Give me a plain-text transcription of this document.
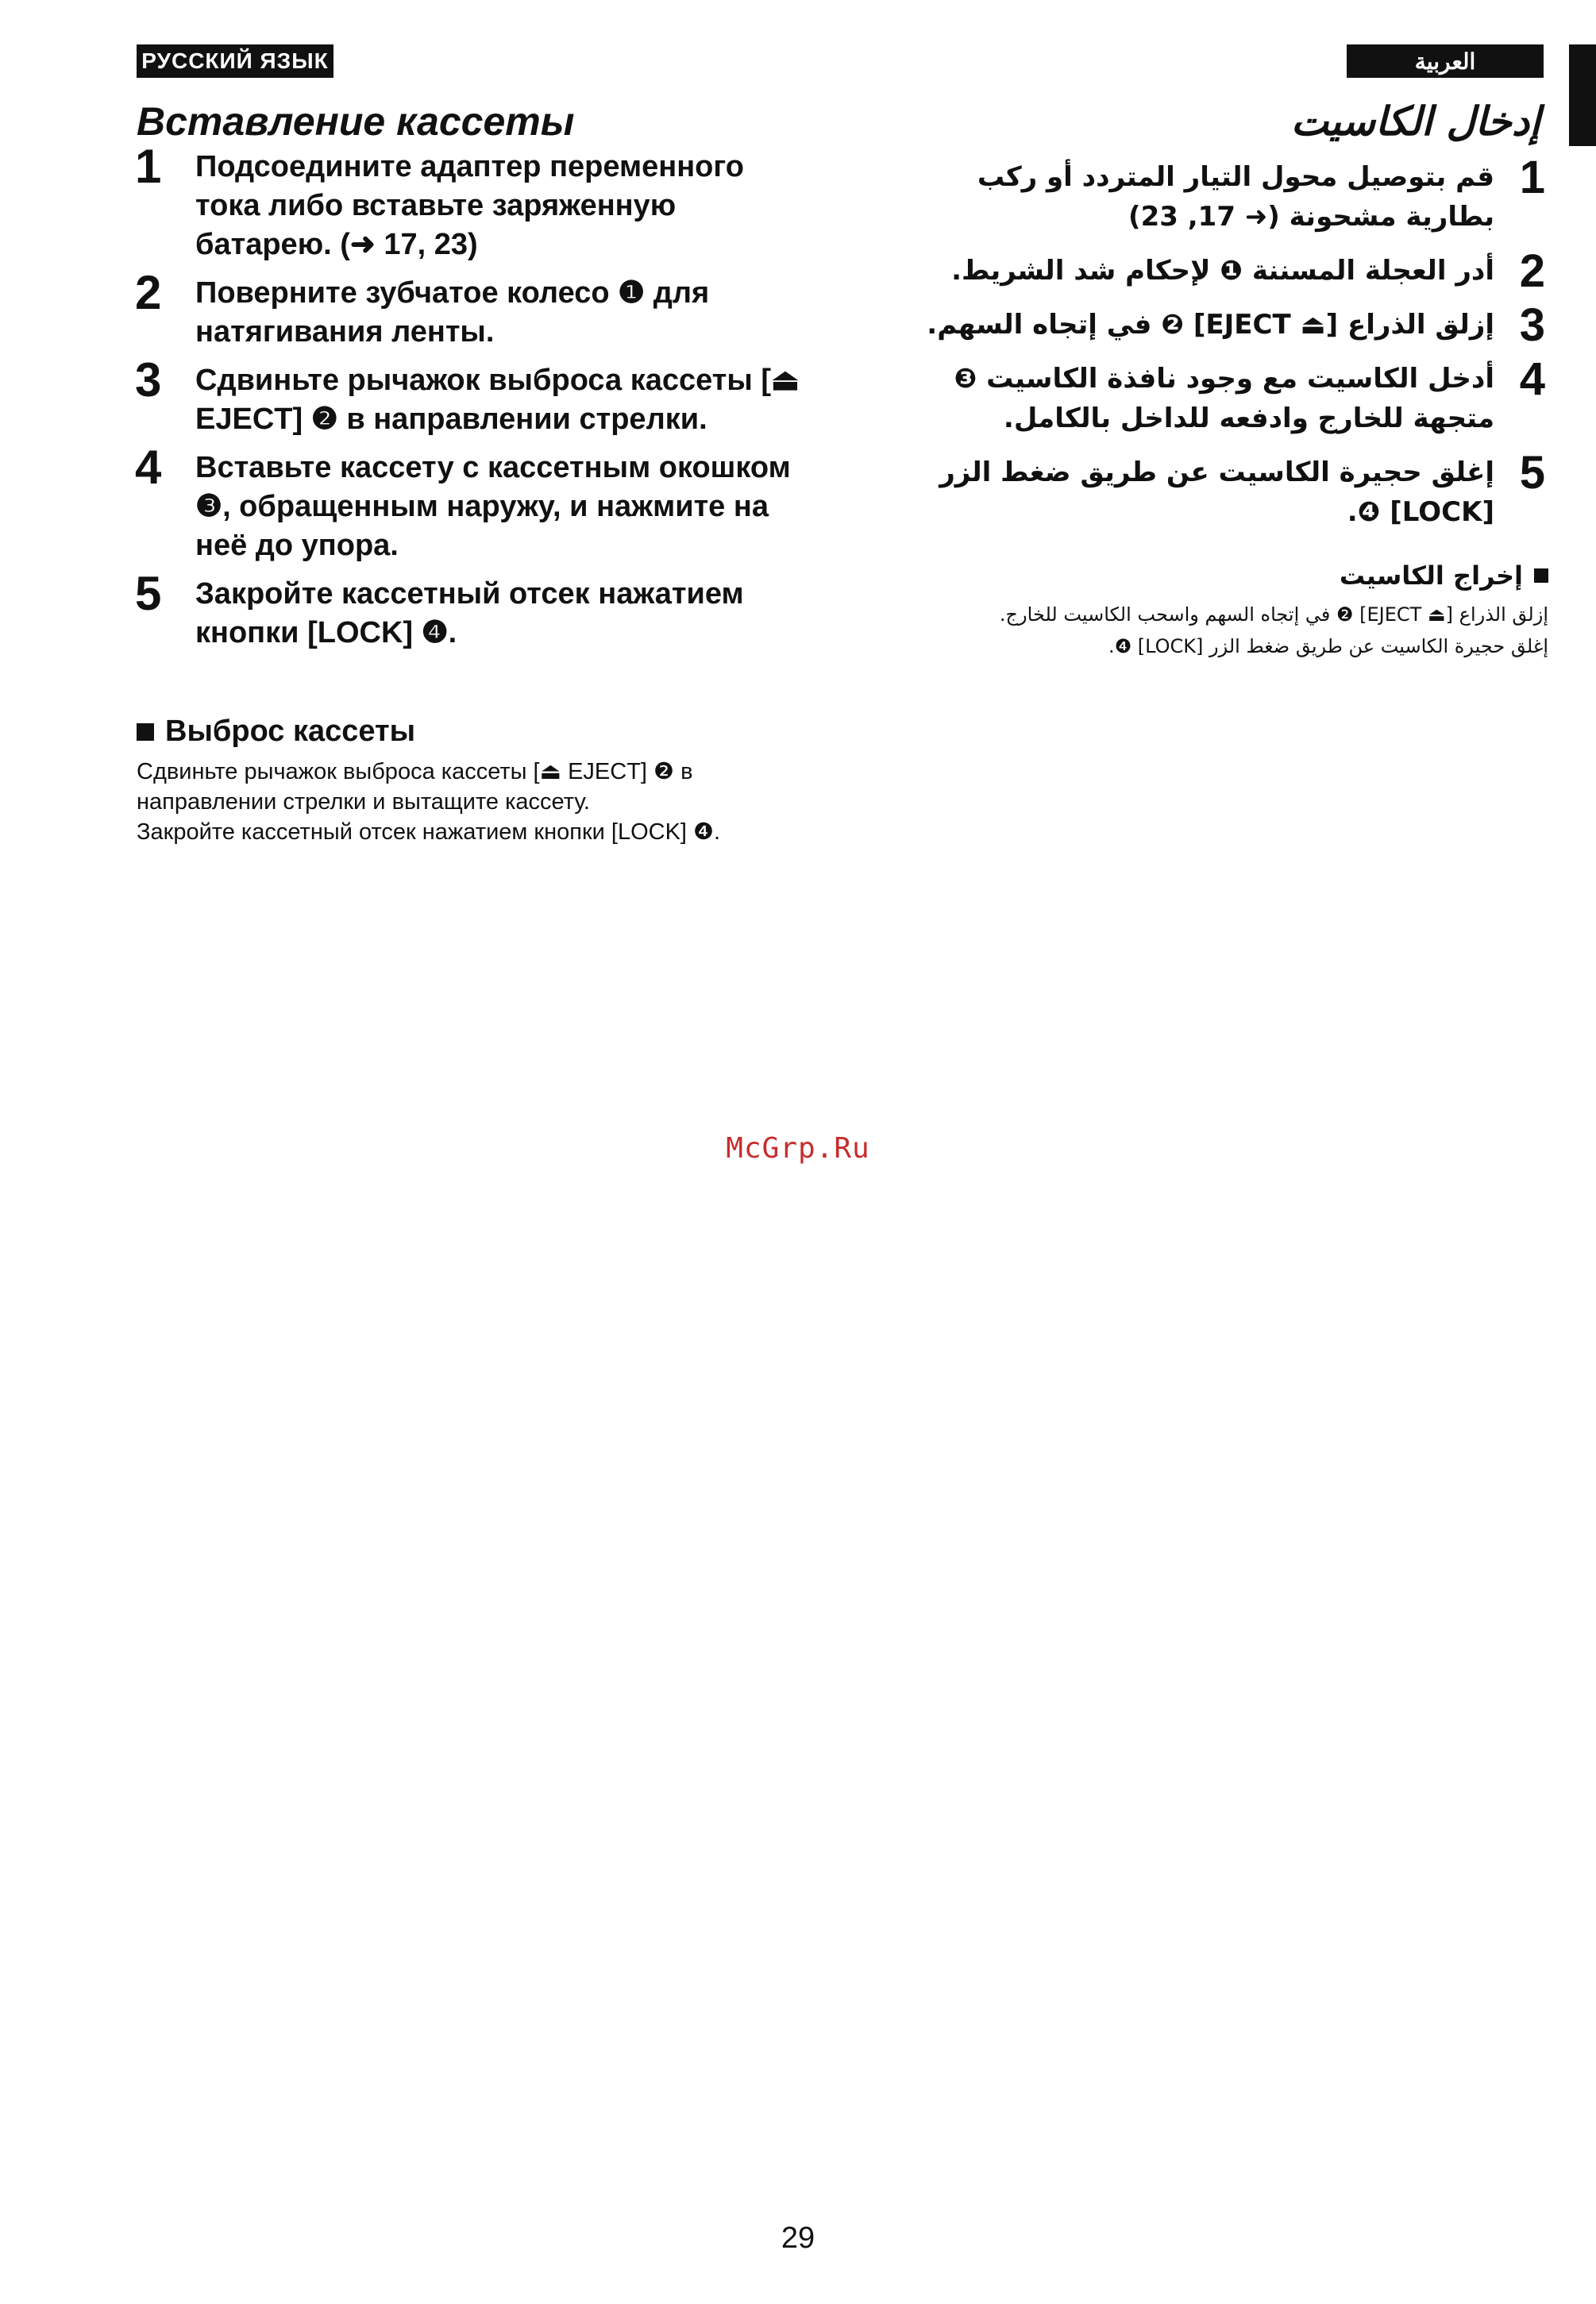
РУССКИЙ ЯЗЫК	العربية
Вставление кассеты	إدخال الكاسيت
1 Подсоедините адаптер переменного тока либо вставьте заряженную батарею. (➜ 17, 23)
2 Поверните зубчатое колесо ❶ для натягивания ленты.
3 Сдвиньте рычажок выброса кассеты [⏏ EJECT] ❷ в направлении стрелки.
4 Вставьте кассету с кассетным окошком ❸, обращенным наружу, и нажмите на неё до упора.
5 Закройте кассетный отсек нажатием кнопки [LOCK] ❹.
Выброс кассеты

Сдвиньте рычажок выброса кассеты [⏏ EJECT] ❷ в направлении стрелки и вытащите кассету.

Закройте кассетный отсек нажатием кнопки [LOCK] ❹.

1
قم بتوصيل محول التيار المتردد أو ركب بطارية مشحونة (➜ 17, 23)
2
أدر العجلة المسننة ❶ لإحكام شد الشريط.
3
إزلق الذراع [⏏ EJECT] ❷ في إتجاه السهم.
4
أدخل الكاسيت مع وجود نافذة الكاسيت ❸ متجهة للخارج وادفعه للداخل بالكامل.
5
إغلق حجيرة الكاسيت عن طريق ضغط الزر [LOCK] ❹.
إخراج الكاسيت

إزلق الذراع [⏏ EJECT] ❷ في إتجاه السهم واسحب الكاسيت للخارج.

إغلق حجيرة الكاسيت عن طريق ضغط الزر [LOCK] ❹.

McGrp.Ru
29
